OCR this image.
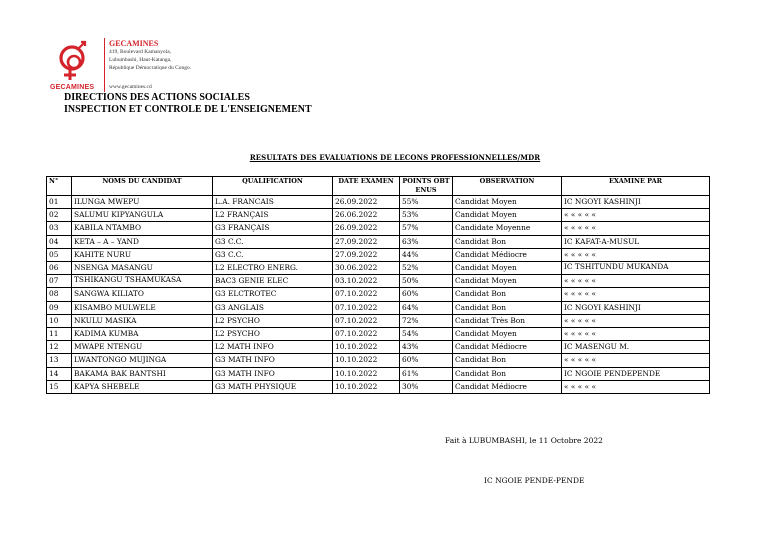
GECAMINES
GECAMINES
419, Boulevard Kamanyola,
Lubumbashi, Haut-Katanga,
République Démocratique du Congo.
www.gecamines.cd
DIRECTIONS DES ACTIONS SOCIALES
INSPECTION ET CONTROLE DE L'ENSEIGNEMENT
RESULTATS DES EVALUATIONS DE LECONS PROFESSIONNELLES/MDR
N°	NOMS DU CANDIDAT	QUALIFICATION	DATE EXAMEN	POINTS OBTENUS	OBSERVATION	EXAMINE PAR
01	ILUNGA MWEPU	L.A. FRANCAIS	26.09.2022	55%	Candidat Moyen	IC NGOYI KASHINJI
02	SALUMU KIPYANGULA	L2 FRANÇAIS	26.06.2022	53%	Candidat Moyen	« « « « «
03	KABILA NTAMBO	G3 FRANÇAIS	26.09.2022	57%	Candidate Moyenne	« « « « «
04	KETA – A – YAND	G3 C.C.	27.09.2022	63%	Candidat Bon	IC KAFAT-A-MUSUL
05	KAHITE NURU	G3 C.C.	27.09.2022	44%	Candidat Médiocre	« « « « «
06	NSENGA MASANGU	L2 ELECTRO ENERG.	30.06.2022	52%	Candidat Moyen	IC TSHITUNDU MUKANDA
07	TSHIKANGU TSHAMUKASA	BAC3 GENIE ELEC	03.10.2022	50%	Candidat Moyen	« « « « «
08	SANGWA KILIATO	G3 ELCTROTEC	07.10.2022	60%	Candidat Bon	« « « « «
09	KISAMBO MULWELE	G3 ANGLAIS	07.10.2022	64%	Candidat Bon	IC NGOYI KASHINJI
10	NKULU MASIKA	L2 PSYCHO	07.10.2022	72%	Candidat Très Bon	« « « « «
11	KADIMA KUMBA	L2 PSYCHO	07.10.2022	54%	Candidat Moyen	« « « « «
12	MWAPE NTENGU	L2 MATH INFO	10.10.2022	43%	Candidat Médiocre	IC MASENGU M.
13	LWANTONGO MUJINGA	G3 MATH INFO	10.10.2022	60%	Candidat Bon	« « « « «
14	BAKAMA BAK BANTSHI	G3 MATH INFO	10.10.2022	61%	Candidat Bon	IC NGOIE PENDEPENDE
15	KAPYA SHEBELE	G3 MATH PHYSIQUE	10.10.2022	30%	Candidat Médiocre	« « « « «
Fait à LUBUMBASHI, le 11 Octobre 2022
IC NGOIE PENDE-PENDE
